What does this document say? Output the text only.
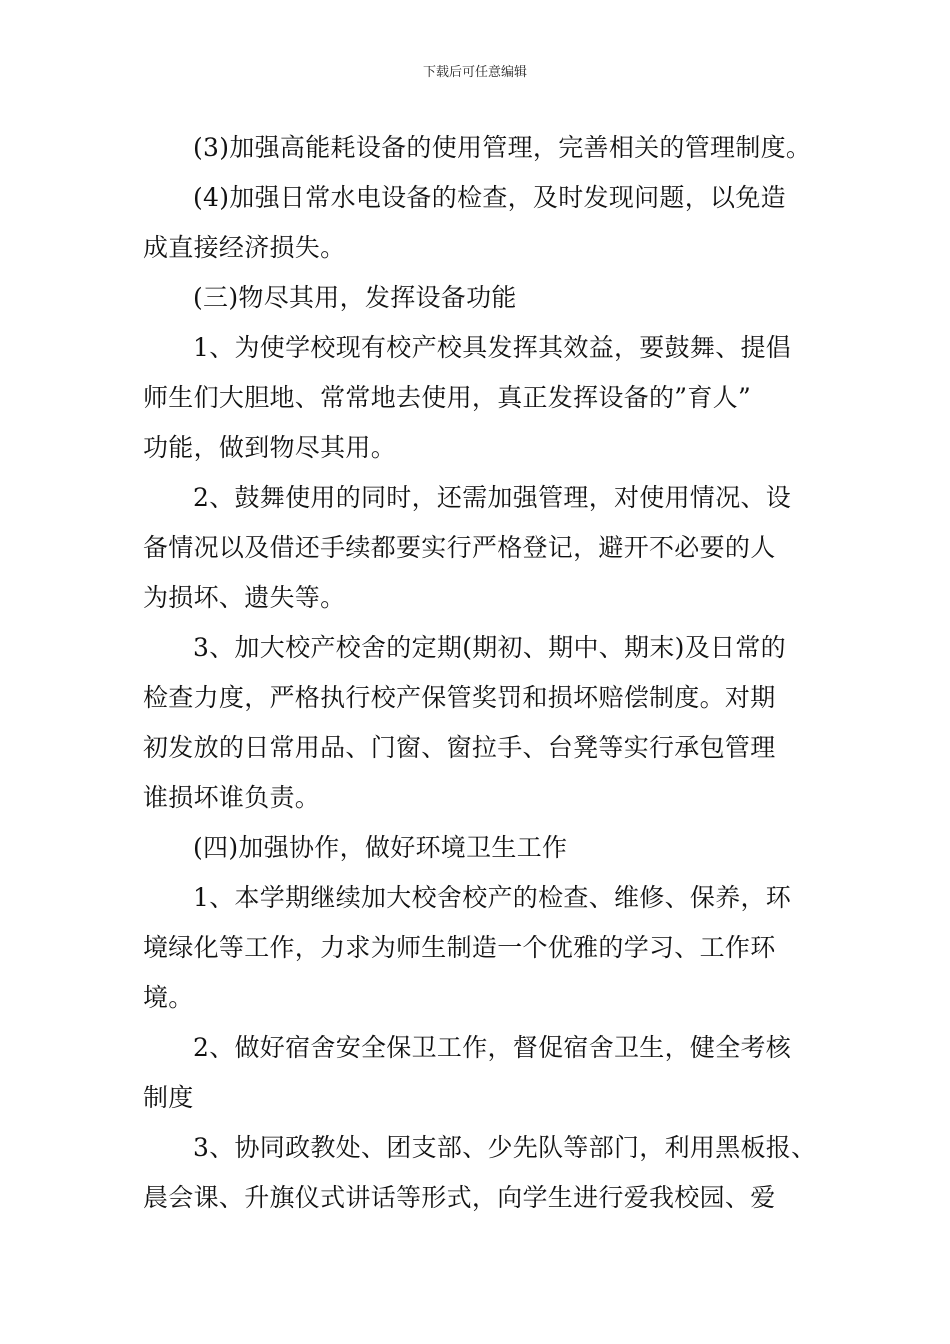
下载后可任意编辑
(3)加强高能耗设备的使用管理，完善相关的管理制度。
(4)加强日常水电设备的检查，及时发现问题，以免造
成直接经济损失。
(三)物尽其用，发挥设备功能
1、为使学校现有校产校具发挥其效益，要鼓舞、提倡
师生们大胆地、常常地去使用，真正发挥设备的”育人”
功能，做到物尽其用。
2、鼓舞使用的同时，还需加强管理，对使用情况、设
备情况以及借还手续都要实行严格登记，避开不必要的人
为损坏、遗失等。
3、加大校产校舍的定期(期初、期中、期末)及日常的
检查力度，严格执行校产保管奖罚和损坏赔偿制度。对期
初发放的日常用品、门窗、窗拉手、台凳等实行承包管理
谁损坏谁负责。
(四)加强协作，做好环境卫生工作
1、本学期继续加大校舍校产的检查、维修、保养，环
境绿化等工作，力求为师生制造一个优雅的学习、工作环
境。
2、做好宿舍安全保卫工作，督促宿舍卫生，健全考核
制度
3、协同政教处、团支部、少先队等部门，利用黑板报、
晨会课、升旗仪式讲话等形式，向学生进行爱我校园、爱
